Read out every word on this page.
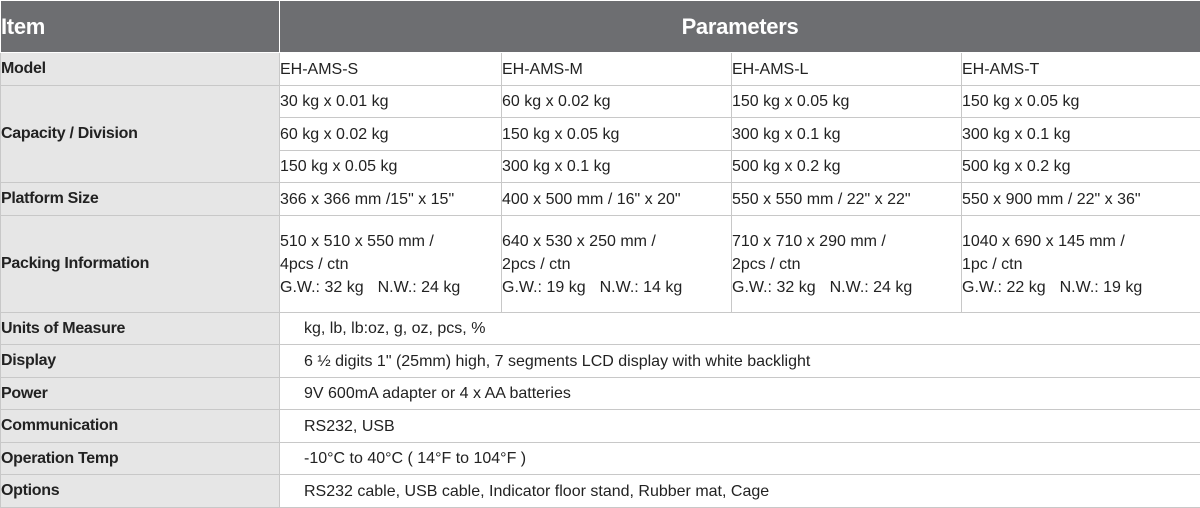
Item	Parameters			
Model	EH-AMS-S	EH-AMS-M	EH-AMS-L	EH-AMS-T
Capacity / Division	30 kg x 0.01 kg	60 kg x 0.02 kg	150 kg x 0.05 kg	150 kg x 0.05 kg
	60 kg x 0.02 kg	150 kg x 0.05 kg	300 kg x 0.1 kg	300 kg x 0.1 kg
	150 kg x 0.05 kg	300 kg x 0.1 kg	500 kg x 0.2 kg	500 kg x 0.2 kg
Platform Size	366 x 366 mm /15" x 15"	400 x 500 mm / 16" x 20"	550 x 550 mm / 22" x 22"	550 x 900 mm / 22" x 36"
Packing Information	510 x 510 x 550 mm /
4pcs / ctn
G.W.: 32 kg N.W.: 24 kg	640 x 530 x 250 mm /
2pcs / ctn
G.W.: 19 kg N.W.: 14 kg	710 x 710 x 290 mm /
2pcs / ctn
G.W.: 32 kg N.W.: 24 kg	1040 x 690 x 145 mm /
1pc / ctn
G.W.: 22 kg N.W.: 19 kg

Units of Measure	kg, lb, lb:oz, g, oz, pcs, %			
Display	6 ½ digits 1" (25mm) high, 7 segments LCD display with white backlight			
Power	9V 600mA adapter or 4 x AA batteries			
Communication	RS232, USB			
Operation Temp	-10°C to 40°C ( 14°F to 104°F )			
Options	RS232 cable, USB cable, Indicator floor stand, Rubber mat, Cage			
